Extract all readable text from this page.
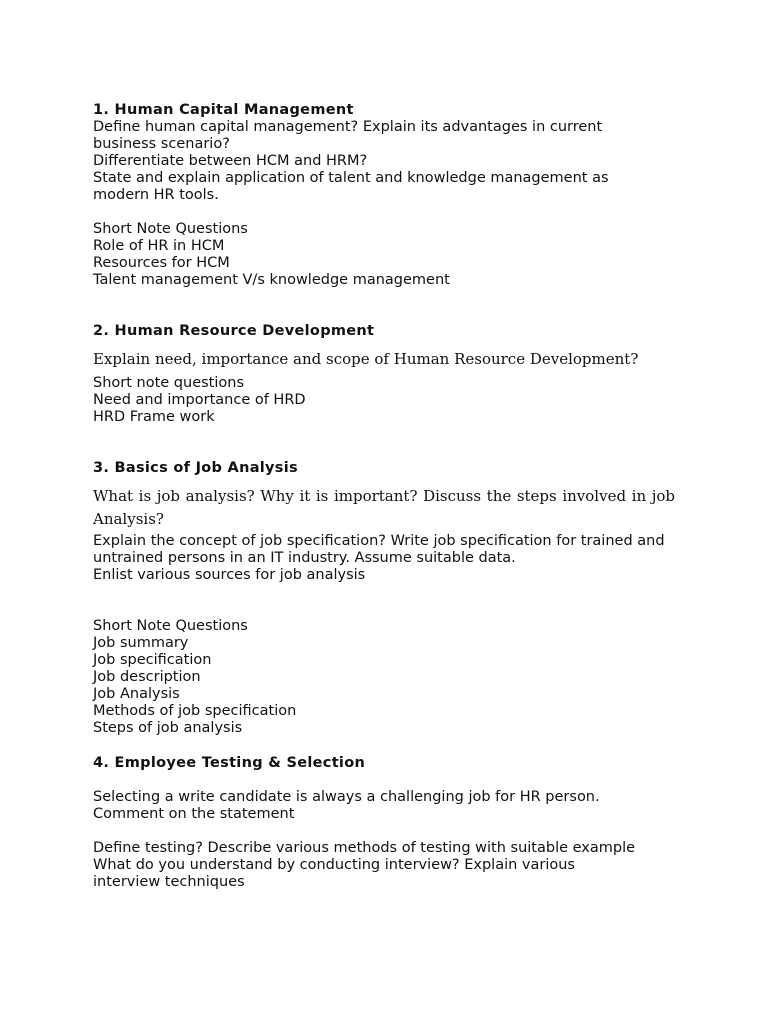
1. Human Capital Management

Define human capital management? Explain its advantages in current business scenario?

Differentiate between HCM and HRM?

State and explain application of talent and knowledge management as modern HR tools.

Short Note Questions

Role of HR in HCM

Resources for HCM

Talent management V/s knowledge management

2. Human Resource Development

Explain need, importance and scope of Human Resource Development?

Short note questions

Need and importance of HRD

HRD Frame work

3. Basics of Job Analysis

What is job analysis? Why it is important? Discuss the steps involved in job Analysis?

Explain the concept of job specification? Write job specification for trained and untrained persons in an IT industry. Assume suitable data.

Enlist various sources for job analysis

Short Note Questions

Job summary

Job specification

Job description

Job Analysis

Methods of job specification

Steps of job analysis

4. Employee Testing & Selection

Selecting a write candidate is always a challenging job for HR person. Comment on the statement

Define testing? Describe various methods of testing with suitable example

What do you understand by conducting interview? Explain various interview techniques
